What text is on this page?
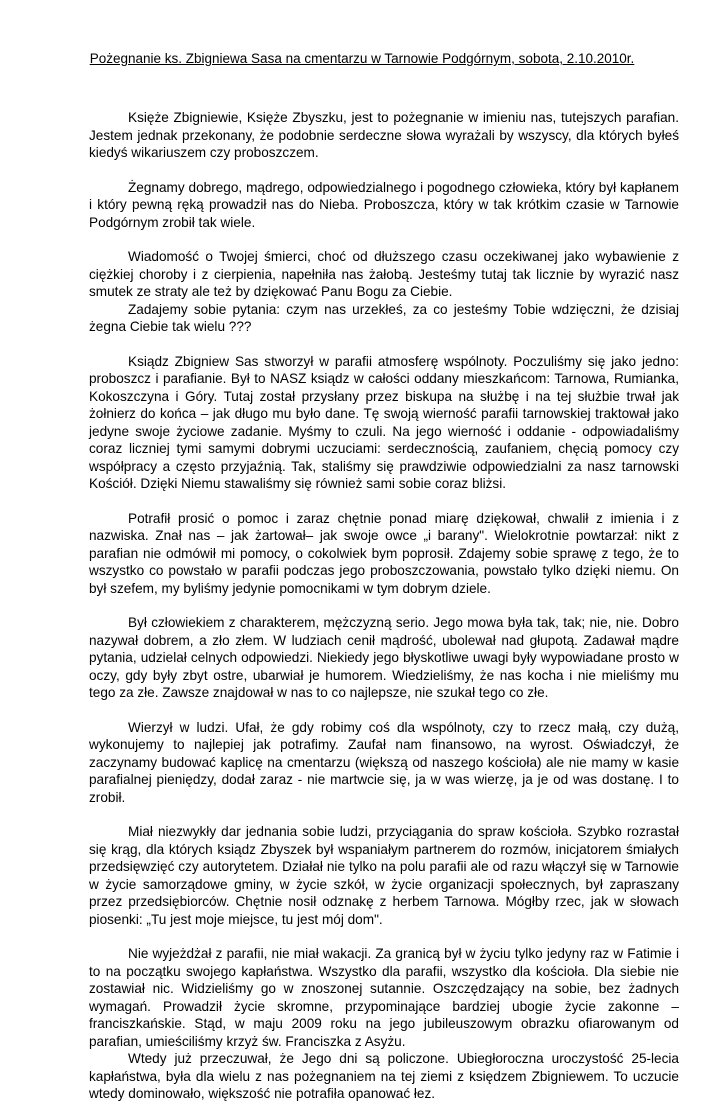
Pożegnanie ks. Zbigniewa Sasa na cmentarzu w Tarnowie Podgórnym, sobota, 2.10.2010r.

Księże Zbigniewie, Księże Zbyszku, jest to pożegnanie w imieniu nas, tutejszych parafian. Jestem jednak przekonany, że podobnie serdeczne słowa wyrażali by wszyscy, dla których byłeś kiedyś wikariuszem czy proboszczem.

Żegnamy dobrego, mądrego, odpowiedzialnego i pogodnego człowieka, który był kapłanem i który pewną ręką prowadził nas do Nieba. Proboszcza, który w tak krótkim czasie w Tarnowie Podgórnym zrobił tak wiele.

Wiadomość o Twojej śmierci, choć od dłuższego czasu oczekiwanej jako wybawienie z ciężkiej choroby i z cierpienia, napełniła nas żałobą. Jesteśmy tutaj tak licznie by wyrazić nasz smutek ze straty ale też by dziękować Panu Bogu za Ciebie.

Zadajemy sobie pytania: czym nas urzekłeś, za co jesteśmy Tobie wdzięczni, że dzisiaj żegna Ciebie tak wielu ???

Ksiądz Zbigniew Sas stworzył w parafii atmosferę wspólnoty. Poczuliśmy się jako jedno: proboszcz i parafianie. Był to NASZ ksiądz w całości oddany mieszkańcom: Tarnowa, Rumianka, Kokoszczyna i Góry. Tutaj został przysłany przez biskupa na służbę i na tej służbie trwał jak żołnierz do końca – jak długo mu było dane. Tę swoją wierność parafii tarnowskiej traktował jako jedyne swoje życiowe zadanie. Myśmy to czuli. Na jego wierność i oddanie - odpowiadaliśmy coraz liczniej tymi samymi dobrymi uczuciami: serdecznością, zaufaniem, chęcią pomocy czy współpracy a często przyjaźnią. Tak, staliśmy się prawdziwie odpowiedzialni za nasz tarnowski Kościół. Dzięki Niemu stawaliśmy się również sami sobie coraz bliżsi.

Potrafił prosić o pomoc i zaraz chętnie ponad miarę dziękował, chwalił z imienia i z nazwiska. Znał nas – jak żartował– jak swoje owce „i barany". Wielokrotnie powtarzał: nikt z parafian nie odmówił mi pomocy, o cokolwiek bym poprosił. Zdajemy sobie sprawę z tego, że to wszystko co powstało w parafii podczas jego proboszczowania, powstało tylko dzięki niemu. On był szefem, my byliśmy jedynie pomocnikami w tym dobrym dziele.

Był człowiekiem z charakterem, mężczyzną serio. Jego mowa była tak, tak; nie, nie. Dobro nazywał dobrem, a zło złem. W ludziach cenił mądrość, ubolewał nad głupotą. Zadawał mądre pytania, udzielał celnych odpowiedzi. Niekiedy jego błyskotliwe uwagi były wypowiadane prosto w oczy, gdy były zbyt ostre, ubarwiał je humorem. Wiedzieliśmy, że nas kocha i nie mieliśmy mu tego za złe. Zawsze znajdował w nas to co najlepsze, nie szukał tego co złe.

Wierzył w ludzi. Ufał, że gdy robimy coś dla wspólnoty, czy to rzecz małą, czy dużą, wykonujemy to najlepiej jak potrafimy. Zaufał nam finansowo, na wyrost. Oświadczył, że zaczynamy budować kaplicę na cmentarzu (większą od naszego kościoła) ale nie mamy w kasie parafialnej pieniędzy, dodał zaraz - nie martwcie się, ja w was wierzę, ja je od was dostanę. I to zrobił.

Miał niezwykły dar jednania sobie ludzi, przyciągania do spraw kościoła. Szybko rozrastał się krąg, dla których ksiądz Zbyszek był wspaniałym partnerem do rozmów, inicjatorem śmiałych przedsięwzięć czy autorytetem. Działał nie tylko na polu parafii ale od razu włączył się w Tarnowie w życie samorządowe gminy, w życie szkół, w życie organizacji społecznych, był zapraszany przez przedsiębiorców. Chętnie nosił odznakę z herbem Tarnowa. Mógłby rzec, jak w słowach piosenki: „Tu jest moje miejsce, tu jest mój dom".

Nie wyjeżdżał z parafii, nie miał wakacji. Za granicą był w życiu tylko jedyny raz w Fatimie i to na początku swojego kapłaństwa. Wszystko dla parafii, wszystko dla kościoła. Dla siebie nie zostawiał nic. Widzieliśmy go w znoszonej sutannie. Oszczędzający na sobie, bez żadnych wymagań. Prowadził życie skromne, przypominające bardziej ubogie życie zakonne – franciszkańskie. Stąd, w maju 2009 roku na jego jubileuszowym obrazku ofiarowanym od parafian, umieściliśmy krzyż św. Franciszka z Asyżu.

Wtedy już przeczuwał, że Jego dni są policzone. Ubiegłoroczna uroczystość 25-lecia kapłaństwa, była dla wielu z nas pożegnaniem na tej ziemi z księdzem Zbigniewem. To uczucie wtedy dominowało, większość nie potrafiła opanować łez.
